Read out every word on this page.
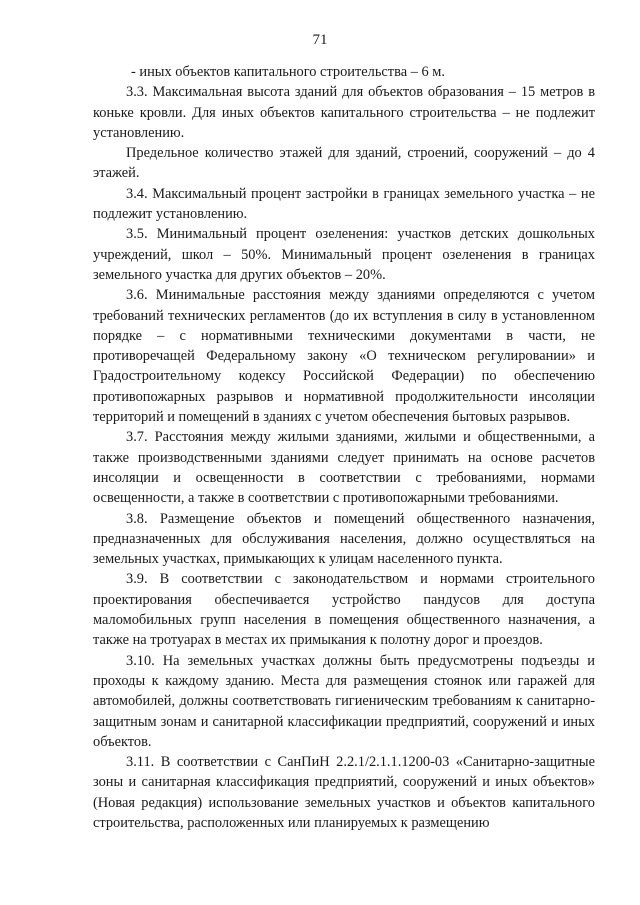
71

- иных объектов капитального строительства – 6 м.

3.3. Максимальная высота зданий для объектов образования – 15 метров в коньке кровли. Для иных объектов капитального строительства – не подлежит установлению.

Предельное количество этажей для зданий, строений, сооружений – до 4 этажей.

3.4. Максимальный процент застройки в границах земельного участка – не подлежит установлению.

3.5. Минимальный процент озеленения: участков детских дошкольных учреждений, школ – 50%. Минимальный процент озеленения в границах земельного участка для других объектов – 20%.

3.6. Минимальные расстояния между зданиями определяются с учетом требований технических регламентов (до их вступления в силу в установленном порядке – с нормативными техническими документами в части, не противоречащей Федеральному закону «О техническом регулировании» и Градостроительному кодексу Российской Федерации) по обеспечению противопожарных разрывов и нормативной продолжительности инсоляции территорий и помещений в зданиях с учетом обеспечения бытовых разрывов.

3.7. Расстояния между жилыми зданиями, жилыми и общественными, а также производственными зданиями следует принимать на основе расчетов инсоляции и освещенности в соответствии с требованиями, нормами освещенности, а также в соответствии с противопожарными требованиями.

3.8. Размещение объектов и помещений общественного назначения, предназначенных для обслуживания населения, должно осуществляться на земельных участках, примыкающих к улицам населенного пункта.

3.9. В соответствии с законодательством и нормами строительного проектирования обеспечивается устройство пандусов для доступа маломобильных групп населения в помещения общественного назначения, а также на тротуарах в местах их примыкания к полотну дорог и проездов.

3.10. На земельных участках должны быть предусмотрены подъезды и проходы к каждому зданию. Места для размещения стоянок или гаражей для автомобилей, должны соответствовать гигиеническим требованиям к санитарно-защитным зонам и санитарной классификации предприятий, сооружений и иных объектов.

3.11. В соответствии с СанПиН 2.2.1/2.1.1.1200-03 «Санитарно-защитные зоны и санитарная классификация предприятий, сооружений и иных объектов» (Новая редакция) использование земельных участков и объектов капитального строительства, расположенных или планируемых к размещению
